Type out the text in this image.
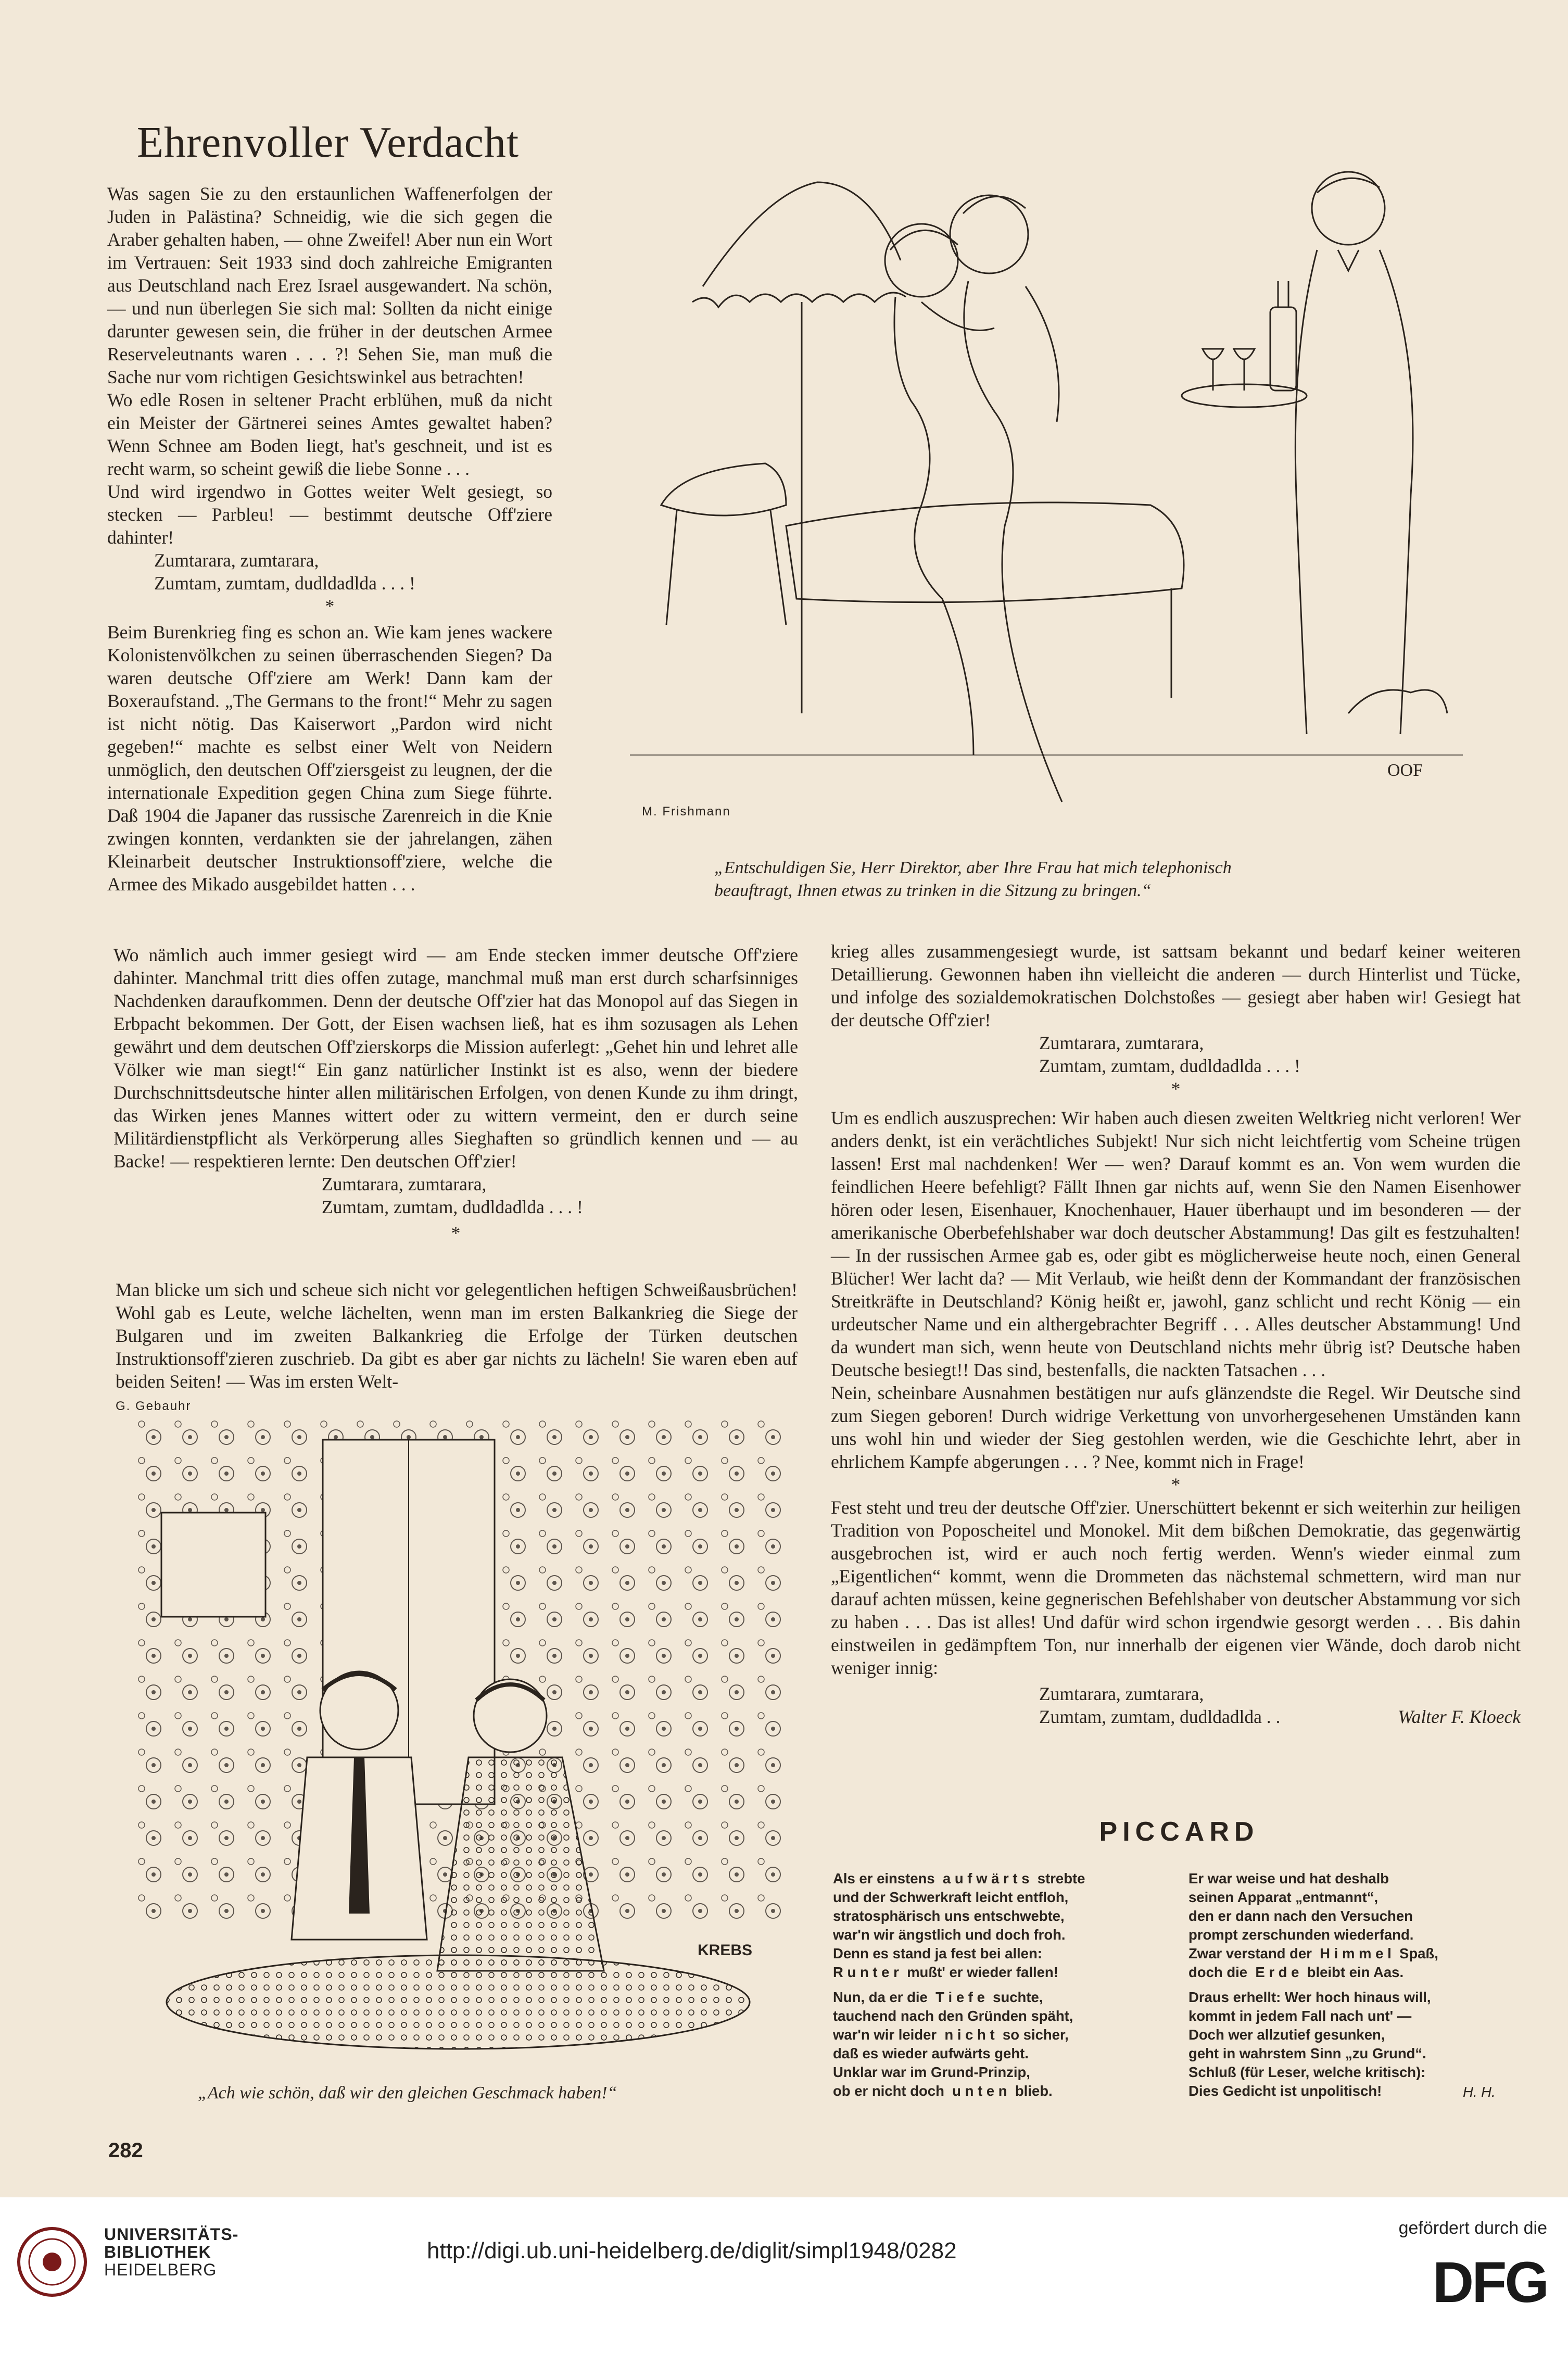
Ehrenvoller Verdacht

Was sagen Sie zu den erstaunlichen Waffenerfolgen der Juden in Palästina? Schneidig, wie die sich gegen die Araber gehalten haben, — ohne Zweifel! Aber nun ein Wort im Vertrauen: Seit 1933 sind doch zahlreiche Emigranten aus Deutschland nach Erez Israel ausgewandert. Na schön, — und nun überlegen Sie sich mal: Sollten da nicht einige darunter gewesen sein, die früher in der deutschen Armee Reserveleutnants waren . . . ?! Sehen Sie, man muß die Sache nur vom richtigen Gesichtswinkel aus betrachten!

Wo edle Rosen in seltener Pracht erblühen, muß da nicht ein Meister der Gärtnerei seines Amtes gewaltet haben? Wenn Schnee am Boden liegt, hat's geschneit, und ist es recht warm, so scheint gewiß die liebe Sonne . . .

Und wird irgendwo in Gottes weiter Welt gesiegt, so stecken — Parbleu! — bestimmt deutsche Off'ziere dahinter!

Zumtarara, zumtarara,

Zumtam, zumtam, dudldadlda . . . !

*

Beim Burenkrieg fing es schon an. Wie kam jenes wackere Kolonistenvölkchen zu seinen überraschenden Siegen? Da waren deutsche Off'ziere am Werk! Dann kam der Boxeraufstand. „The Germans to the front!“ Mehr zu sagen ist nicht nötig. Das Kaiserwort „Pardon wird nicht gegeben!“ machte es selbst einer Welt von Neidern unmöglich, den deutschen Off'ziersgeist zu leugnen, der die internationale Expedition gegen China zum Siege führte. Daß 1904 die Japaner das russische Zarenreich in die Knie zwingen konnten, verdankten sie der jahrelangen, zähen Kleinarbeit deutscher Instruktionsoff'ziere, welche die Armee des Mikado ausgebildet hatten . . .

Wo nämlich auch immer gesiegt wird — am Ende stecken immer deutsche Off'ziere dahinter. Manchmal tritt dies offen zutage, manchmal muß man erst durch scharfsinniges Nachdenken daraufkommen. Denn der deutsche Off'zier hat das Monopol auf das Siegen in Erbpacht bekommen. Der Gott, der Eisen wachsen ließ, hat es ihm sozusagen als Lehen gewährt und dem deutschen Off'zierskorps die Mission auferlegt: „Gehet hin und lehret alle Völker wie man siegt!“ Ein ganz natürlicher Instinkt ist es also, wenn der biedere Durchschnittsdeutsche hinter allen militärischen Erfolgen, von denen Kunde zu ihm dringt, das Wirken jenes Mannes wittert oder zu wittern vermeint, den er durch seine Militärdienstpflicht als Verkörperung alles Sieghaften so gründlich kennen und — au Backe! — respektieren lernte: Den deutschen Off'zier!

Zumtarara, zumtarara,

Zumtam, zumtam, dudldadlda . . . !

*

Man blicke um sich und scheue sich nicht vor gelegentlichen heftigen Schweißausbrüchen! Wohl gab es Leute, welche lächelten, wenn man im ersten Balkankrieg die Siege der Bulgaren und im zweiten Balkankrieg die Erfolge der Türken deutschen Instruktionsoff'zieren zuschrieb. Da gibt es aber gar nichts zu lächeln! Sie waren eben auf beiden Seiten! — Was im ersten Welt-

krieg alles zusammengesiegt wurde, ist sattsam bekannt und bedarf keiner weiteren Detaillierung. Gewonnen haben ihn vielleicht die anderen — durch Hinterlist und Tücke, und infolge des sozialdemokratischen Dolchstoßes — gesiegt aber haben wir! Gesiegt hat der deutsche Off'zier!

Zumtarara, zumtarara,

Zumtam, zumtam, dudldadlda . . . !

*

Um es endlich auszusprechen: Wir haben auch diesen zweiten Weltkrieg nicht verloren! Wer anders denkt, ist ein verächtliches Subjekt! Nur sich nicht leichtfertig vom Scheine trügen lassen! Erst mal nachdenken! Wer — wen? Darauf kommt es an. Von wem wurden die feindlichen Heere befehligt? Fällt Ihnen gar nichts auf, wenn Sie den Namen Eisenhower hören oder lesen, Eisenhauer, Knochenhauer, Hauer überhaupt und im besonderen — der amerikanische Oberbefehlshaber war doch deutscher Abstammung! Das gilt es festzuhalten! — In der russischen Armee gab es, oder gibt es möglicherweise heute noch, einen General Blücher! Wer lacht da? — Mit Verlaub, wie heißt denn der Kommandant der französischen Streitkräfte in Deutschland? König heißt er, jawohl, ganz schlicht und recht König — ein urdeutscher Name und ein althergebrachter Begriff . . . Alles deutscher Abstammung! Und da wundert man sich, wenn heute von Deutschland nichts mehr übrig ist? Deutsche haben Deutsche besiegt!! Das sind, bestenfalls, die nackten Tatsachen . . .

Nein, scheinbare Ausnahmen bestätigen nur aufs glänzendste die Regel. Wir Deutsche sind zum Siegen geboren! Durch widrige Verkettung von unvorhergesehenen Umständen kann uns wohl hin und wieder der Sieg gestohlen werden, wie die Geschichte lehrt, aber in ehrlichem Kampfe abgerungen . . . ? Nee, kommt nich in Frage!

*

Fest steht und treu der deutsche Off'zier. Unerschüttert bekennt er sich weiterhin zur heiligen Tradition von Poposcheitel und Monokel. Mit dem bißchen Demokratie, das gegenwärtig ausgebrochen ist, wird er auch noch fertig werden. Wenn's wieder einmal zum „Eigentlichen“ kommt, wenn die Drommeten das nächstemal schmettern, wird man nur darauf achten müssen, keine gegnerischen Befehlshaber von deutscher Abstammung vor sich zu haben . . . Das ist alles! Und dafür wird schon irgendwie gesorgt werden . . . Bis dahin einstweilen in gedämpftem Ton, nur innerhalb der eigenen vier Wände, doch darob nicht weniger innig:

Zumtarara, zumtarara,

Zumtam, zumtam, dudldadlda . .	Walter F. Kloeck

OOF
M. Frishmann
„Entschuldigen Sie, Herr Direktor, aber Ihre Frau hat mich telephonisch
beauftragt, Ihnen etwas zu trinken in die Sitzung zu bringen.“
G. Gebauhr
KREBS
„Ach wie schön, daß wir den gleichen Geschmack haben!“
PICCARD
Als er einstens  a u f w ä r t s  strebte
und der Schwerkraft leicht entfloh,
stratosphärisch uns entschwebte,
war'n wir ängstlich und doch froh.
Denn es stand ja fest bei allen:
R u n t e r  mußt' er wieder fallen!
Nun, da er die  T i e f e  suchte,
tauchend nach den Gründen späht,
war'n wir leider  n i c h t  so sicher,
daß es wieder aufwärts geht.
Unklar war im Grund-Prinzip,
ob er nicht doch  u n t e n  blieb.
Er war weise und hat deshalb
seinen Apparat „entmannt“,
den er dann nach den Versuchen
prompt zerschunden wiederfand.
Zwar verstand der  H i m m e l  Spaß,
doch die  E r d e  bleibt ein Aas.
Draus erhellt: Wer hoch hinaus will,
kommt in jedem Fall nach unt' —
Doch wer allzutief gesunken,
geht in wahrstem Sinn „zu Grund“.
Schluß (für Leser, welche kritisch):
Dies Gedicht ist unpolitisch!	H. H.
282
UNIVERSITÄTS-
BIBLIOTHEK
HEIDELBERG
http://digi.ub.uni-heidelberg.de/diglit/simpl1948/0282
gefördert durch die
DFG
